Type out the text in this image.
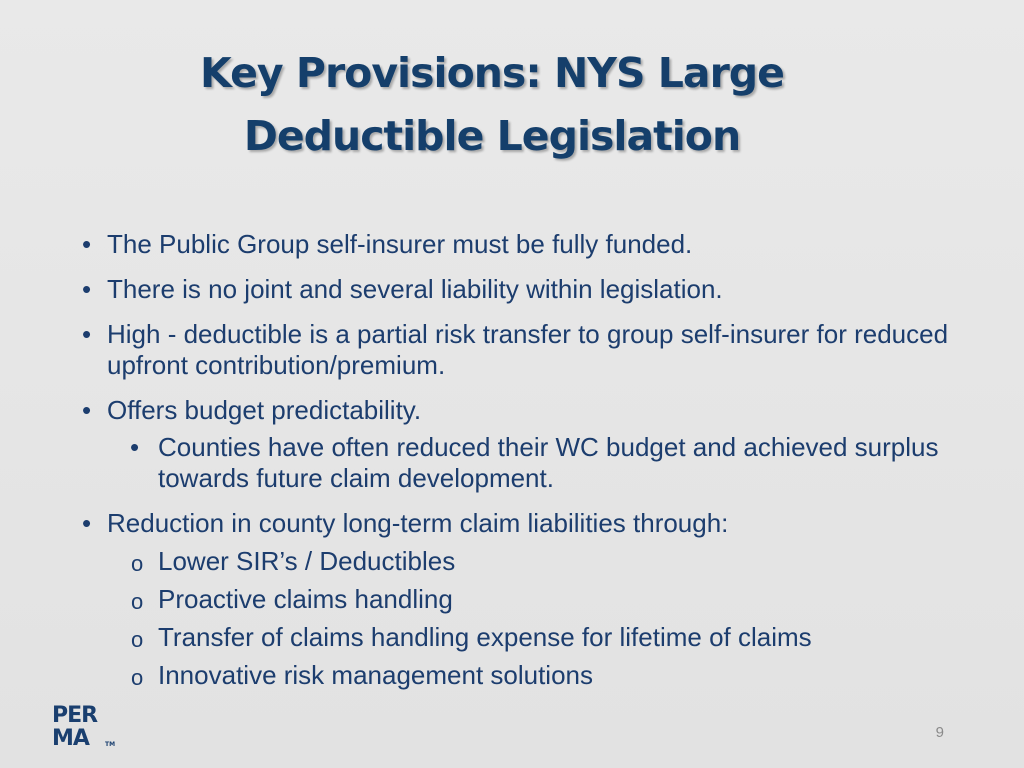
Key Provisions: NYS Large
Deductible Legislation
• The Public Group self-insurer must be fully funded.
• There is no joint and several liability within legislation.
• High - deductible is a partial risk transfer to group self-insurer for reduced upfront contribution/premium.
• Offers budget predictability.
• Counties have often reduced their WC budget and achieved surplus towards future claim development.
• Reduction in county long-term claim liabilities through:
o Lower SIR’s / Deductibles
o Proactive claims handling
o Transfer of claims handling expense for lifetime of claims
o Innovative risk management solutions
PER
MA	TM
9
